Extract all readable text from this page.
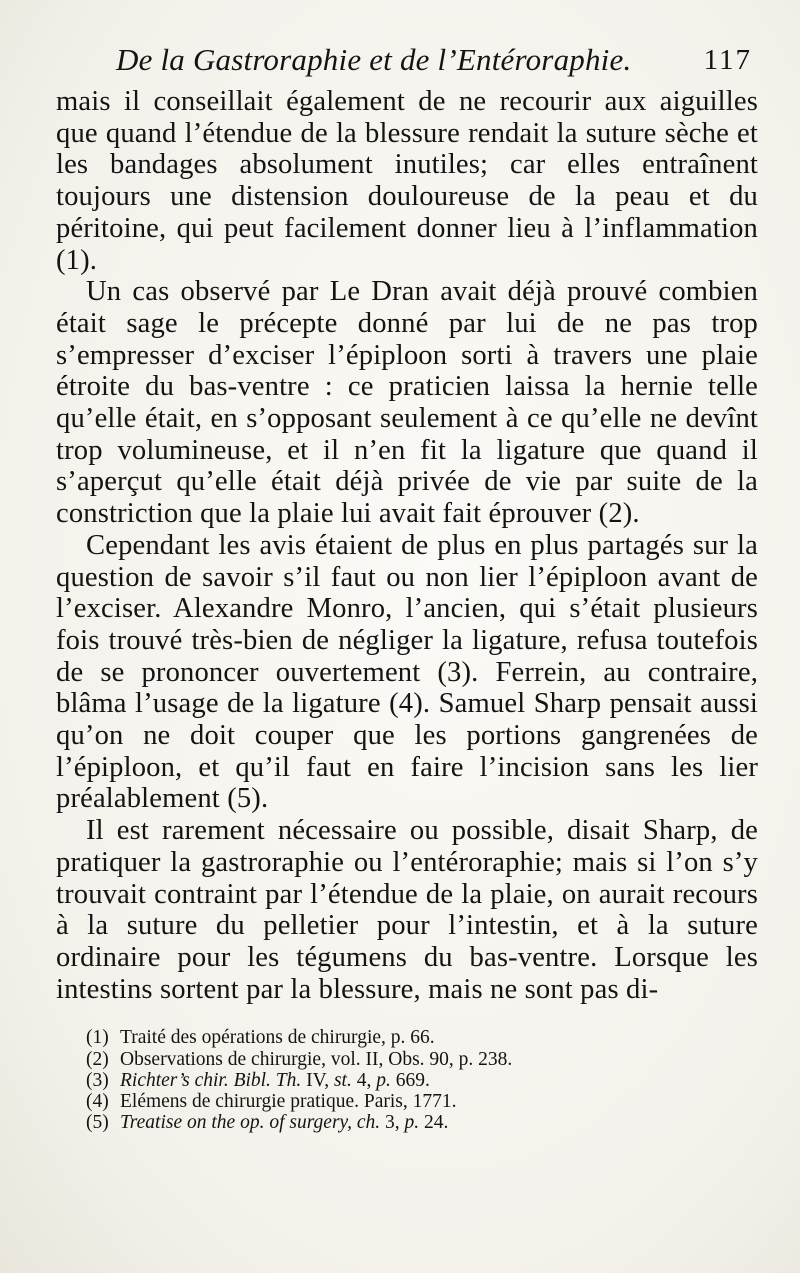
De la Gastroraphie et de l’Entéroraphie. 117

mais il conseillait également de ne recourir aux aiguilles que quand l’étendue de la blessure rendait la suture sèche et les bandages absolument inutiles; car elles entraînent toujours une distension douloureuse de la peau et du péritoine, qui peut facilement donner lieu à l’inflammation (1).

Un cas observé par Le Dran avait déjà prouvé combien était sage le précepte donné par lui de ne pas trop s’empresser d’exciser l’épiploon sorti à travers une plaie étroite du bas-ventre : ce praticien laissa la hernie telle qu’elle était, en s’opposant seulement à ce qu’elle ne devînt trop volumineuse, et il n’en fit la ligature que quand il s’aperçut qu’elle était déjà privée de vie par suite de la constriction que la plaie lui avait fait éprouver (2).

Cependant les avis étaient de plus en plus partagés sur la question de savoir s’il faut ou non lier l’épiploon avant de l’exciser. Alexandre Monro, l’ancien, qui s’était plusieurs fois trouvé très-bien de négliger la ligature, refusa toutefois de se prononcer ouvertement (3). Ferrein, au contraire, blâma l’usage de la ligature (4). Samuel Sharp pensait aussi qu’on ne doit couper que les portions gangrenées de l’épiploon, et qu’il faut en faire l’incision sans les lier préalablement (5).

Il est rarement nécessaire ou possible, disait Sharp, de pratiquer la gastroraphie ou l’entéroraphie; mais si l’on s’y trouvait contraint par l’étendue de la plaie, on aurait recours à la suture du pelletier pour l’intestin, et à la suture ordinaire pour les tégumens du bas-ventre. Lorsque les intestins sortent par la blessure, mais ne sont pas di-

(1) Traité des opérations de chirurgie, p. 66.
(2) Observations de chirurgie, vol. II, Obs. 90, p. 238.
(3) Richter’s chir. Bibl. Th. IV, st. 4, p. 669.
(4) Elémens de chirurgie pratique. Paris, 1771.
(5) Treatise on the op. of surgery, ch. 3, p. 24.
